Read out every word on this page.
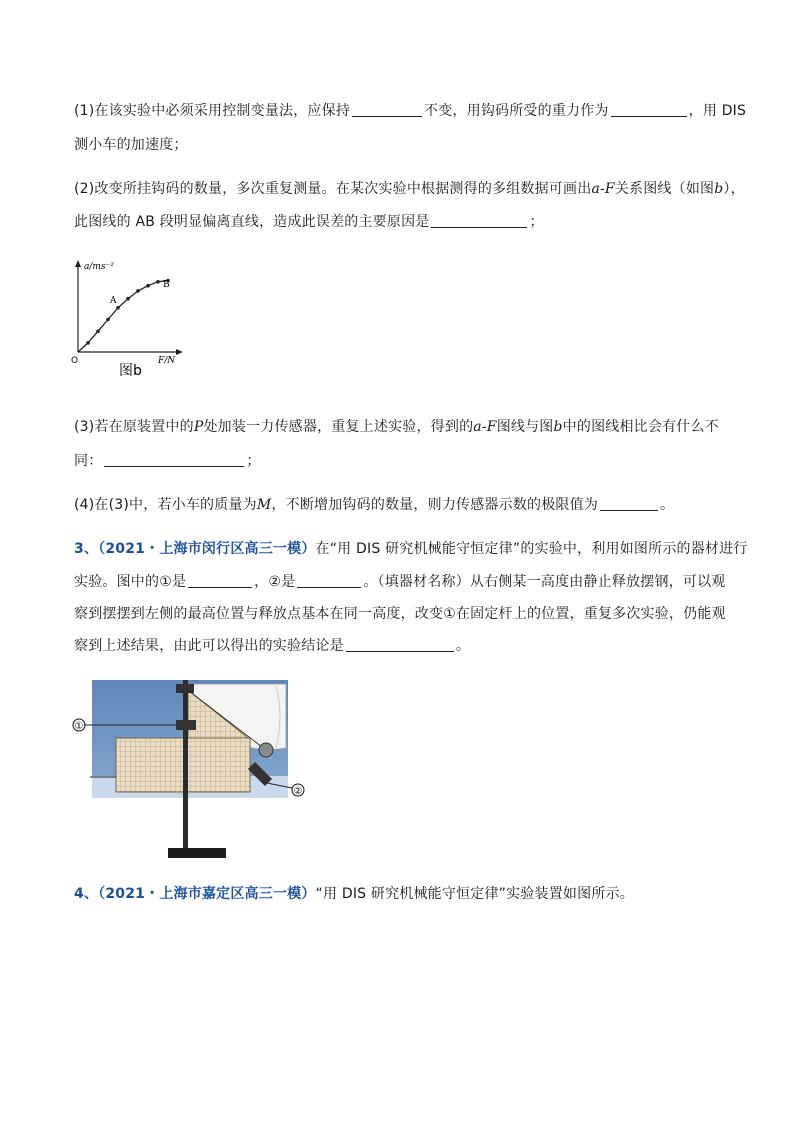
(1)在该实验中必须采用控制变量法，应保持	不变，用钩码所受的重力作为	，用 DIS
测小车的加速度；
(2)改变所挂钩码的数量，多次重复测量。在某次实验中根据测得的多组数据可画出a-F关系图线（如图b），
此图线的 AB 段明显偏离直线，造成此误差的主要原因是	；
a/ms⁻²
F/N
O
A
B
图b
(3)若在原装置中的P处加装一力传感器，重复上述实验，得到的a-F图线与图b中的图线相比会有什么不
同：	；
(4)在(3)中，若小车的质量为M，不断增加钩码的数量，则力传感器示数的极限值为	。
3、（2021・上海市闵行区高三一模）在“用 DIS 研究机械能守恒定律”的实验中，利用如图所示的器材进行
实验。图中的①是	，②是	。（填器材名称）从右侧某一高度由静止释放摆钢，可以观
察到摆摆到左侧的最高位置与释放点基本在同一高度，改变①在固定杆上的位置，重复多次实验，仍能观
察到上述结果，由此可以得出的实验结论是	。
①
②
4、（2021・上海市嘉定区高三一模）“用 DIS 研究机械能守恒定律”实验装置如图所示。
